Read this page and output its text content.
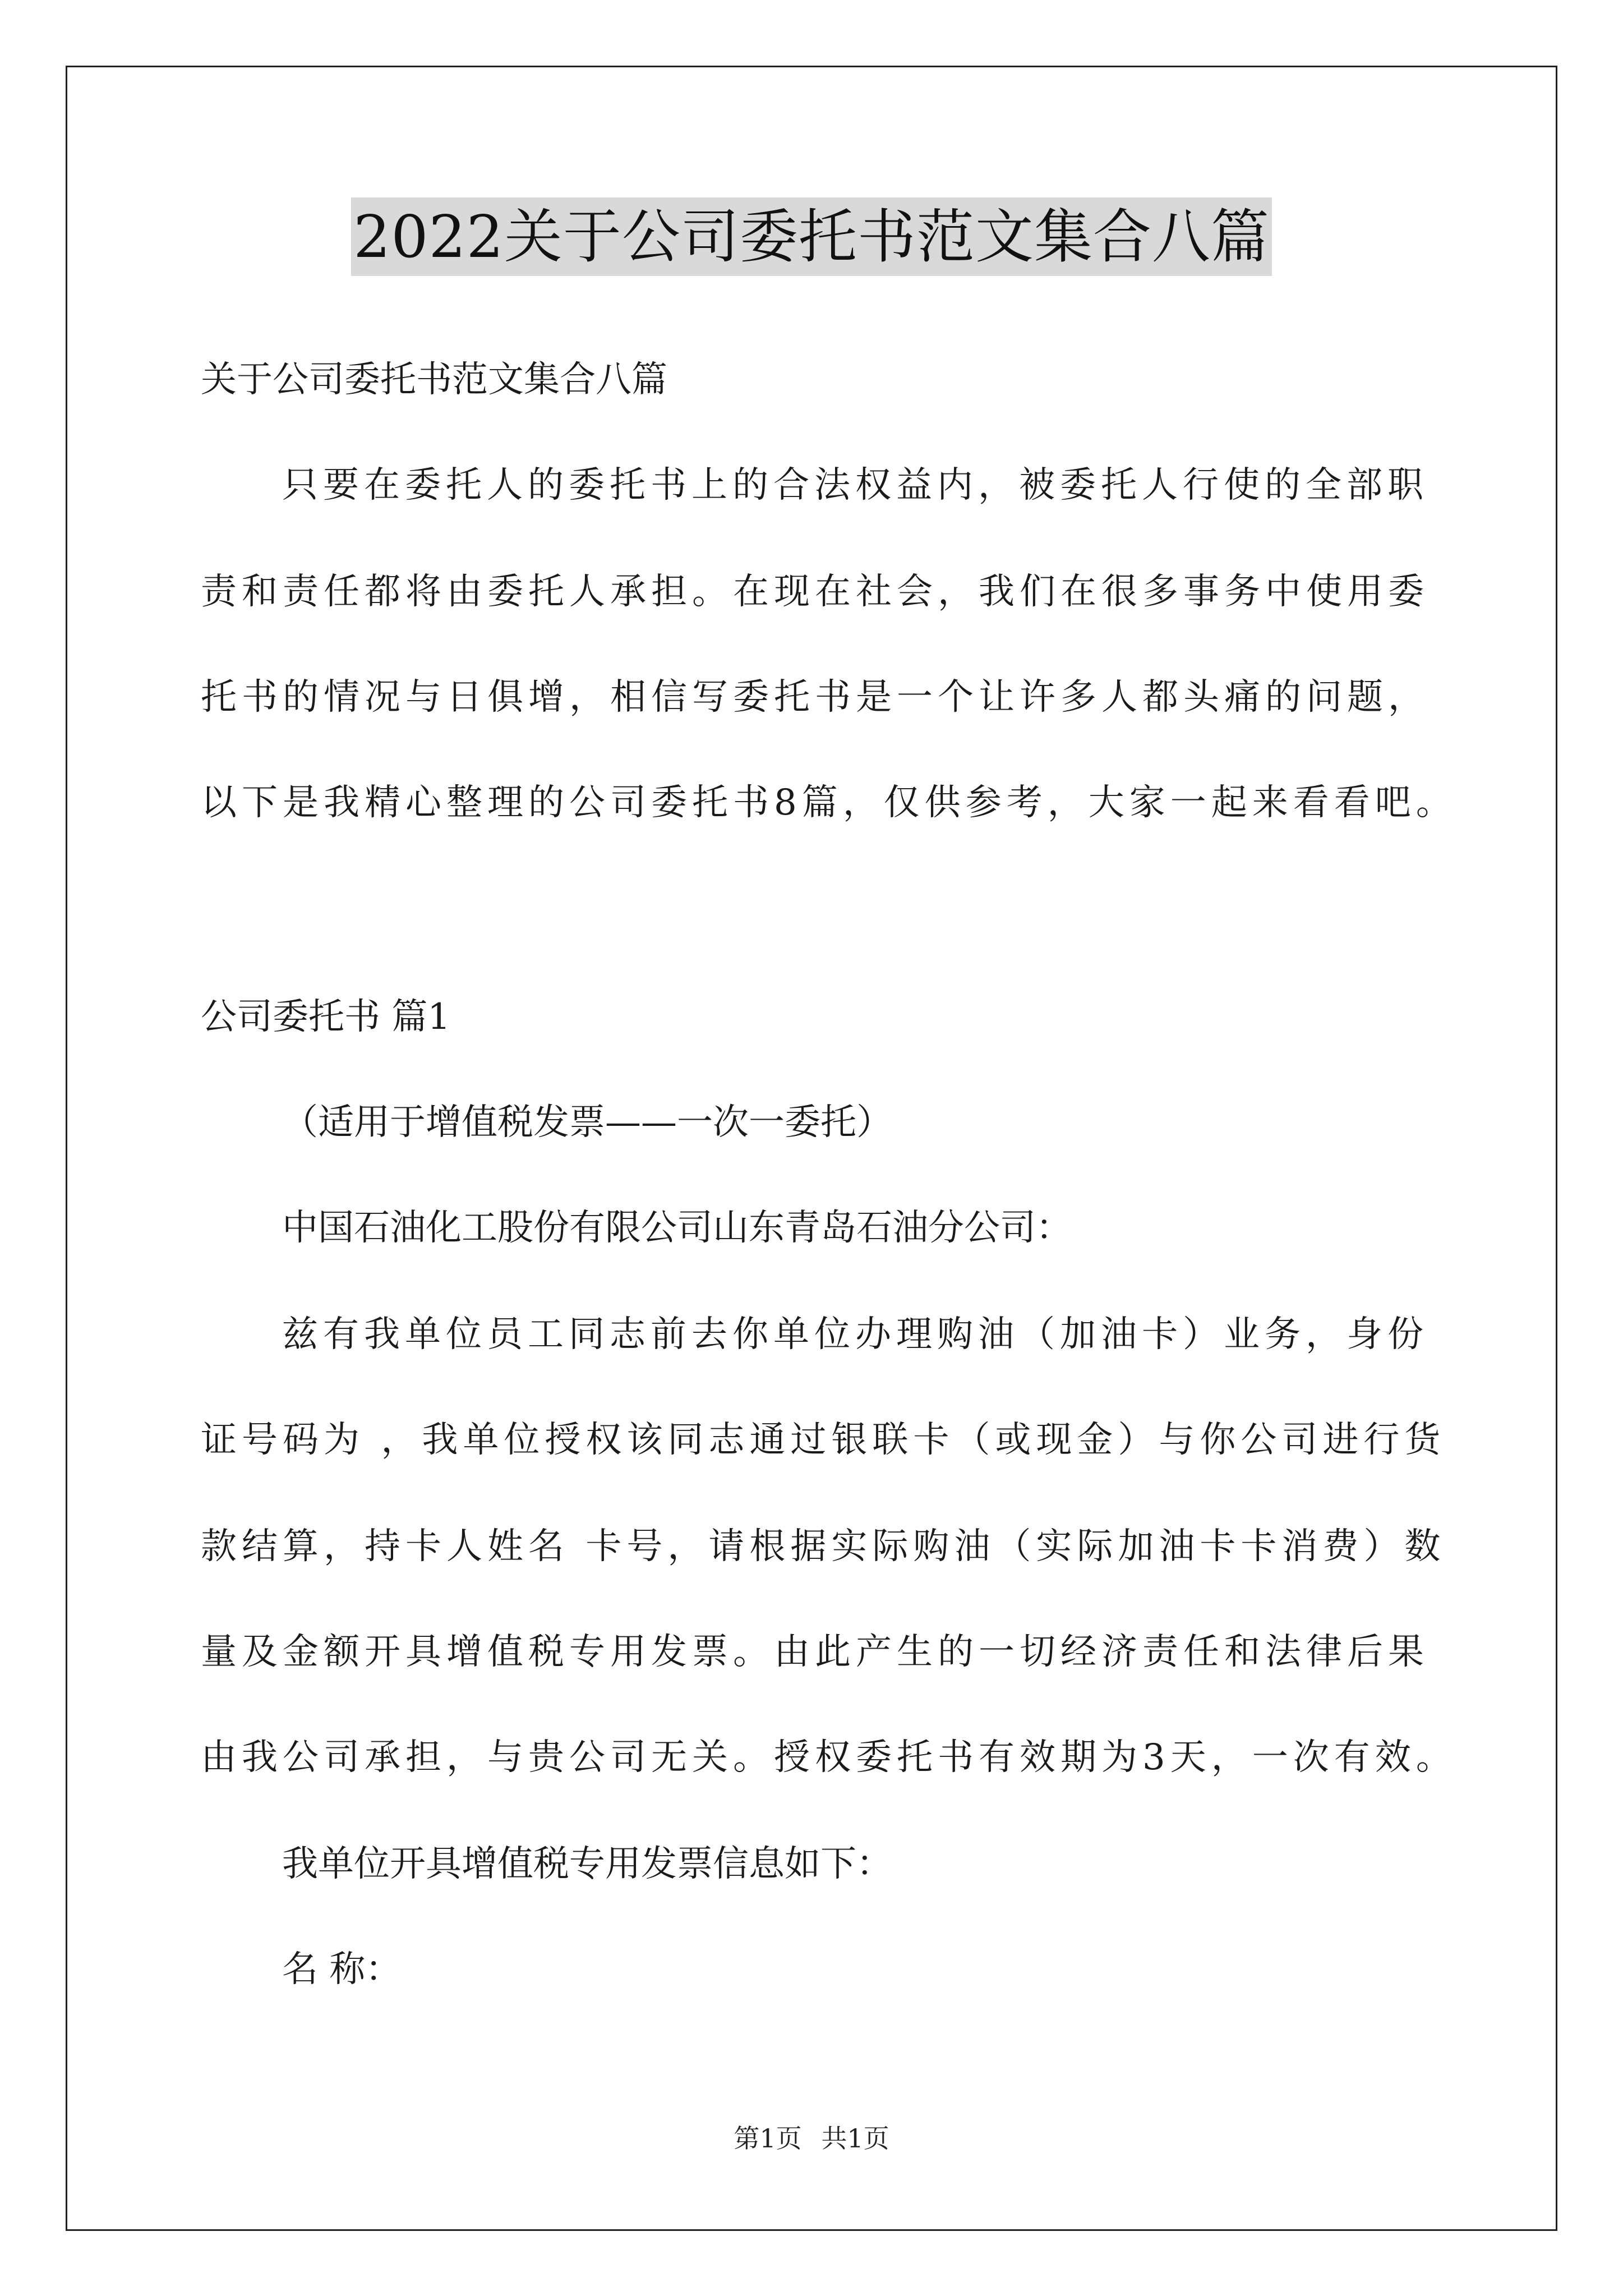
2022关于公司委托书范文集合八篇
关于公司委托书范文集合八篇
只要在委托人的委托书上的合法权益内，被委托人行使的全部职
责和责任都将由委托人承担。在现在社会，我们在很多事务中使用委
托书的情况与日俱增，相信写委托书是一个让许多人都头痛的问题，
以下是我精心整理的公司委托书8篇，仅供参考，大家一起来看看吧。
公司委托书 篇1
（适用于增值税发票——一次一委托）
中国石油化工股份有限公司山东青岛石油分公司：
兹有我单位员工同志前去你单位办理购油（加油卡）业务，身份
证号码为 ，我单位授权该同志通过银联卡（或现金）与你公司进行货
款结算，持卡人姓名 卡号，请根据实际购油（实际加油卡卡消费）数
量及金额开具增值税专用发票。由此产生的一切经济责任和法律后果
由我公司承担，与贵公司无关。授权委托书有效期为3天，一次有效。
我单位开具增值税专用发票信息如下：
名 称：
第1页 共1页
